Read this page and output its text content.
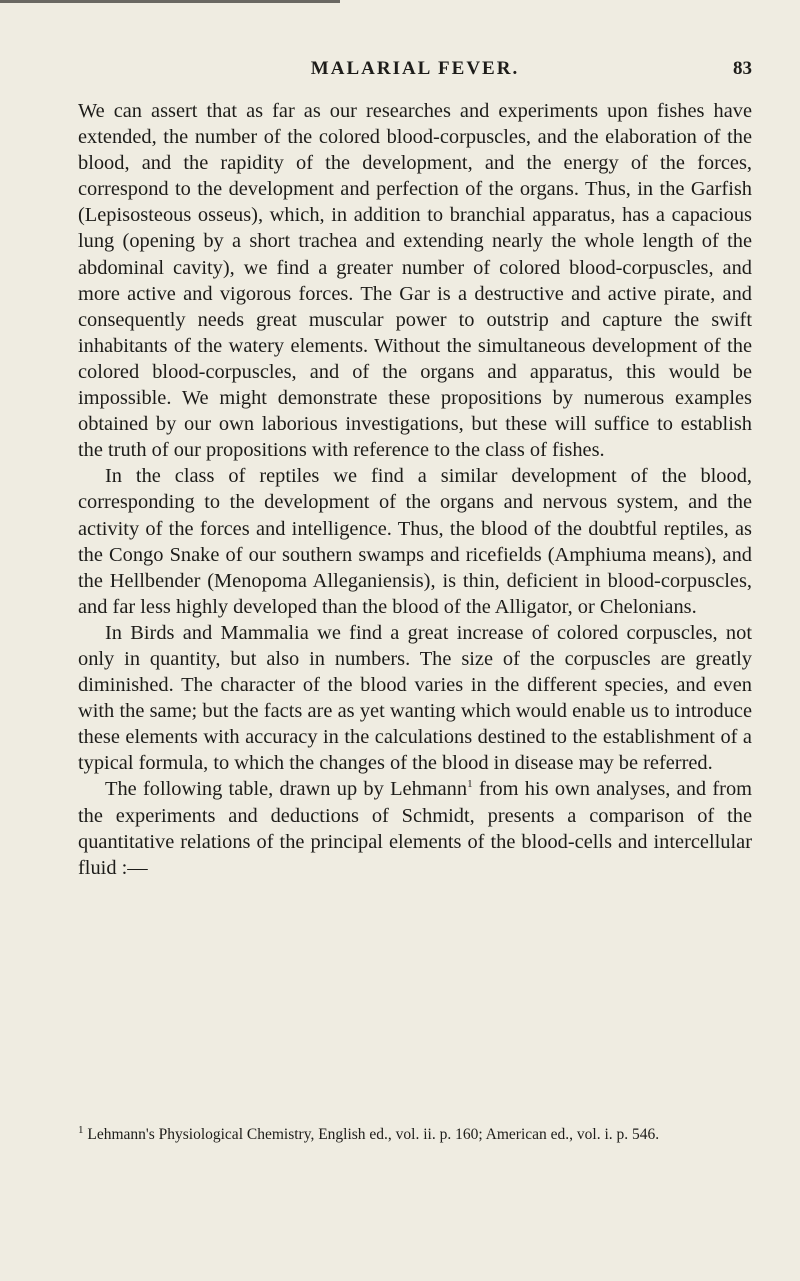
MALARIAL FEVER.	83

We can assert that as far as our researches and experiments upon fishes have extended, the number of the colored blood-corpuscles, and the elaboration of the blood, and the rapidity of the development, and the energy of the forces, correspond to the development and perfection of the organs. Thus, in the Garfish (Lepisosteous osseus), which, in addition to branchial apparatus, has a capacious lung (opening by a short trachea and extending nearly the whole length of the abdominal cavity), we find a greater number of colored blood-corpuscles, and more active and vigorous forces. The Gar is a destructive and active pirate, and consequently needs great muscular power to outstrip and capture the swift inhabitants of the watery elements. Without the simultaneous development of the colored blood-corpuscles, and of the organs and apparatus, this would be impossible. We might demonstrate these propositions by numerous examples obtained by our own laborious investigations, but these will suffice to establish the truth of our propositions with reference to the class of fishes.

In the class of reptiles we find a similar development of the blood, corresponding to the development of the organs and nervous system, and the activity of the forces and intelligence. Thus, the blood of the doubtful reptiles, as the Congo Snake of our southern swamps and ricefields (Amphiuma means), and the Hellbender (Menopoma Alleganiensis), is thin, deficient in blood-corpuscles, and far less highly developed than the blood of the Alligator, or Chelonians.

In Birds and Mammalia we find a great increase of colored corpuscles, not only in quantity, but also in numbers. The size of the corpuscles are greatly diminished. The character of the blood varies in the different species, and even with the same; but the facts are as yet wanting which would enable us to introduce these elements with accuracy in the calculations destined to the establishment of a typical formula, to which the changes of the blood in disease may be referred.

The following table, drawn up by Lehmann$^1$ from his own analyses, and from the experiments and deductions of Schmidt, presents a comparison of the quantitative relations of the principal elements of the blood-cells and intercellular fluid :—

$^1$ Lehmann's Physiological Chemistry, English ed., vol. ii. p. 160; American ed., vol. i. p. 546.
